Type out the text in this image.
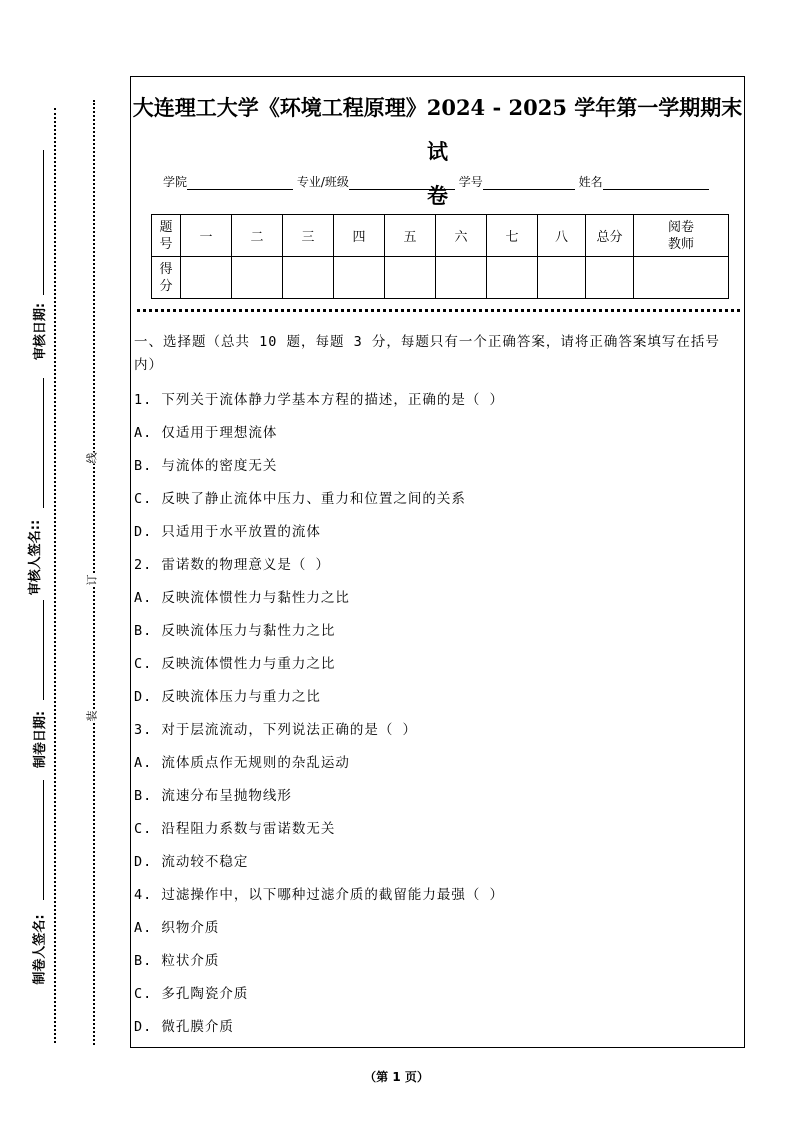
审核日期:
审核人签名::
制卷日期:
制卷人签名:
线
订
装
大连理工大学《环境工程原理》2024 - 2025 学年第一学期期末试
卷
学院	专业/班级	学号	姓名
题号	一	二	三	四	五	六	七	八	总分	阅卷教师
得分										
一、选择题（总共 10 题，每题 3 分，每题只有一个正确答案，请将正确答案填写在括号内）
1. 下列关于流体静力学基本方程的描述，正确的是（ ）
A. 仅适用于理想流体
B. 与流体的密度无关
C. 反映了静止流体中压力、重力和位置之间的关系
D. 只适用于水平放置的流体
2. 雷诺数的物理意义是（ ）
A. 反映流体惯性力与黏性力之比
B. 反映流体压力与黏性力之比
C. 反映流体惯性力与重力之比
D. 反映流体压力与重力之比
3. 对于层流流动，下列说法正确的是（ ）
A. 流体质点作无规则的杂乱运动
B. 流速分布呈抛物线形
C. 沿程阻力系数与雷诺数无关
D. 流动较不稳定
4. 过滤操作中，以下哪种过滤介质的截留能力最强（ ）
A. 织物介质
B. 粒状介质
C. 多孔陶瓷介质
D. 微孔膜介质
（第 1 页）
